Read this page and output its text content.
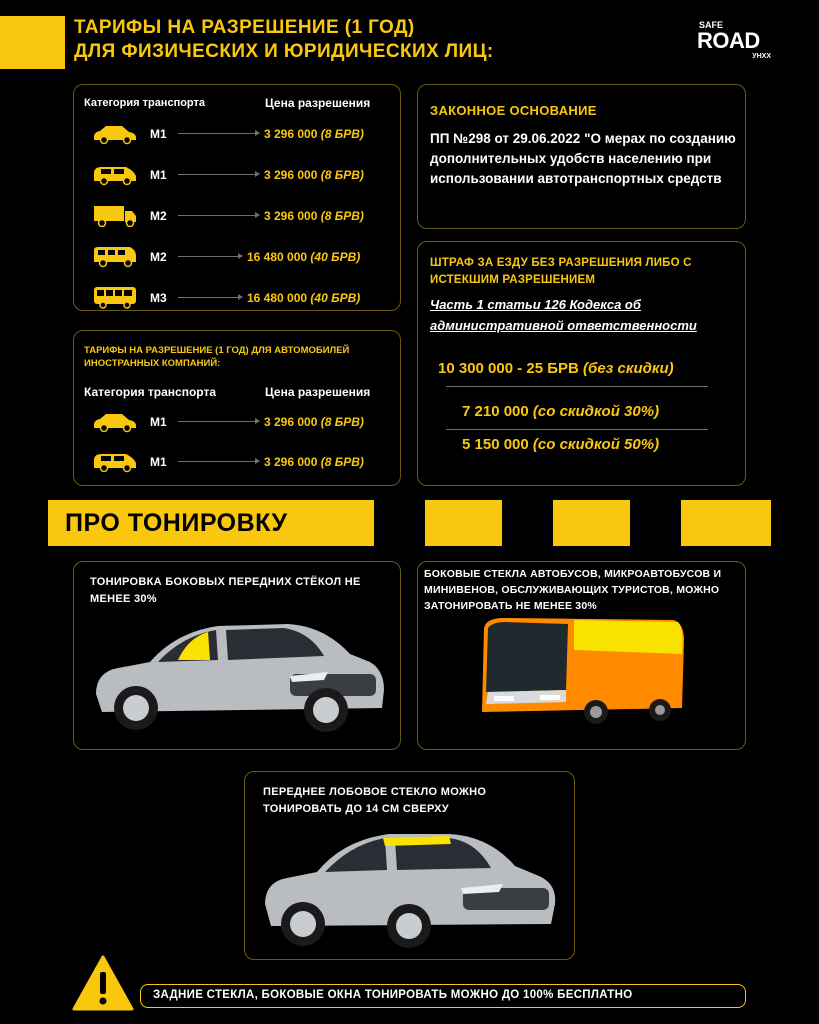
ТАРИФЫ НА РАЗРЕШЕНИЕ (1 ГОД)
ДЛЯ ФИЗИЧЕСКИХ И ЮРИДИЧЕСКИХ ЛИЦ:
SAFE
ROAD
УНХХ
Категория транспорта	Цена разрешения
M1	3 296 000 (8 БРВ)
M1	3 296 000 (8 БРВ)
M2	3 296 000 (8 БРВ)
M2	16 480 000 (40 БРВ)
M3	16 480 000 (40 БРВ)
ТАРИФЫ НА РАЗРЕШЕНИЕ (1 ГОД) ДЛЯ АВТОМОБИЛЕЙ ИНОСТРАННЫХ КОМПАНИЙ:
Категория транспорта	Цена разрешения
M1	3 296 000 (8 БРВ)
M1	3 296 000 (8 БРВ)
ЗАКОННОЕ ОСНОВАНИЕ
ПП №298 от 29.06.2022 "О мерах по созданию дополнительных удобств населению при использовании автотранспортных средств
ШТРАФ ЗА ЕЗДУ БЕЗ РАЗРЕШЕНИЯ ЛИБО С ИСТЕКШИМ РАЗРЕШЕНИЕМ
Часть 1 статьи 126 Кодекса об
административной ответственности
10 300 000 - 25 БРВ (без скидки)
7 210 000 (со скидкой 30%)
5 150 000 (со скидкой 50%)
ПРО ТОНИРОВКУ
ТОНИРОВКА БОКОВЫХ ПЕРЕДНИХ СТЁКОЛ НЕ МЕНЕЕ 30%
БОКОВЫЕ СТЕКЛА АВТОБУСОВ, МИКРОАВТОБУСОВ И МИНИВЕНОВ, ОБСЛУЖИВАЮЩИХ ТУРИСТОВ, МОЖНО ЗАТОНИРОВАТЬ НЕ МЕНЕЕ 30%
ПЕРЕДНЕЕ ЛОБОВОЕ СТЕКЛО МОЖНО ТОНИРОВАТЬ ДО 14 СМ СВЕРХУ
ЗАДНИЕ СТЕКЛА, БОКОВЫЕ ОКНА ТОНИРОВАТЬ МОЖНО ДО 100% БЕСПЛАТНО
